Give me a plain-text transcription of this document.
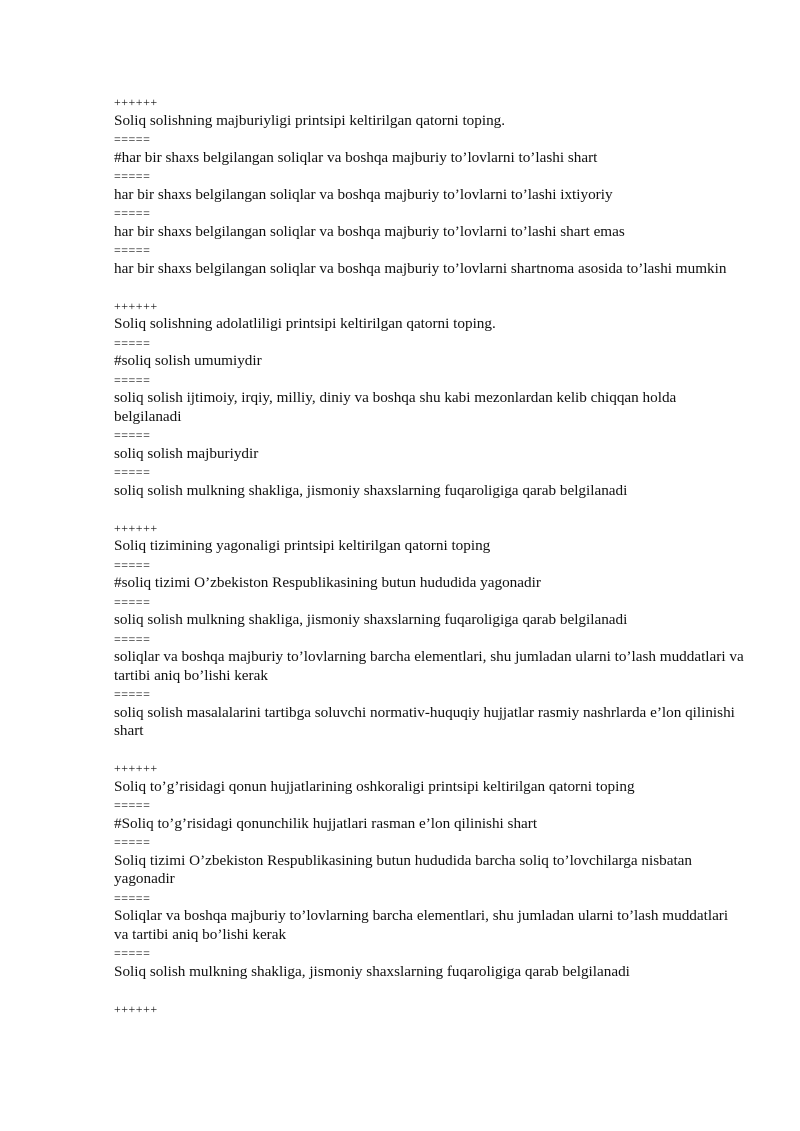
++++++
Soliq solishning majburiyligi printsipi keltirilgan qatorni toping.
=====
#har bir shaxs belgilangan soliqlar va boshqa majburiy to’lovlarni to’lashi shart
=====
har bir shaxs belgilangan soliqlar va boshqa majburiy to’lovlarni to’lashi ixtiyoriy
=====
har bir shaxs belgilangan soliqlar va boshqa majburiy to’lovlarni to’lashi shart emas
=====
har bir shaxs belgilangan soliqlar va boshqa majburiy to’lovlarni shartnoma asosida to’lashi mumkin
++++++
Soliq solishning adolatliligi printsipi keltirilgan qatorni toping.
=====
#soliq solish umumiydir
=====
soliq solish ijtimoiy, irqiy, milliy, diniy va boshqa shu kabi mezonlardan kelib chiqqan holda belgilanadi
=====
soliq solish majburiydir
=====
soliq solish mulkning shakliga, jismoniy shaxslarning fuqaroligiga qarab belgilanadi
++++++
Soliq tizimining yagonaligi printsipi keltirilgan qatorni toping
=====
#soliq tizimi O’zbekiston Respublikasining butun hududida yagonadir
=====
soliq solish mulkning shakliga, jismoniy shaxslarning fuqaroligiga qarab belgilanadi
=====
soliqlar va boshqa majburiy to’lovlarning barcha elementlari, shu jumladan ularni to’lash muddatlari va tartibi aniq bo’lishi kerak
=====
soliq solish masalalarini tartibga soluvchi normativ-huquqiy hujjatlar rasmiy nashrlarda e’lon qilinishi shart
++++++
Soliq to’g’risidagi qonun hujjatlarining oshkoraligi printsipi keltirilgan qatorni toping
=====
#Soliq to’g’risidagi qonunchilik hujjatlari rasman e’lon qilinishi shart
=====
Soliq tizimi O’zbekiston Respublikasining butun hududida barcha soliq to’lovchilarga nisbatan yagonadir
=====
Soliqlar va boshqa majburiy to’lovlarning barcha elementlari, shu jumladan ularni to’lash muddatlari va tartibi aniq bo’lishi kerak
=====
Soliq solish mulkning shakliga, jismoniy shaxslarning fuqaroligiga qarab belgilanadi
++++++
